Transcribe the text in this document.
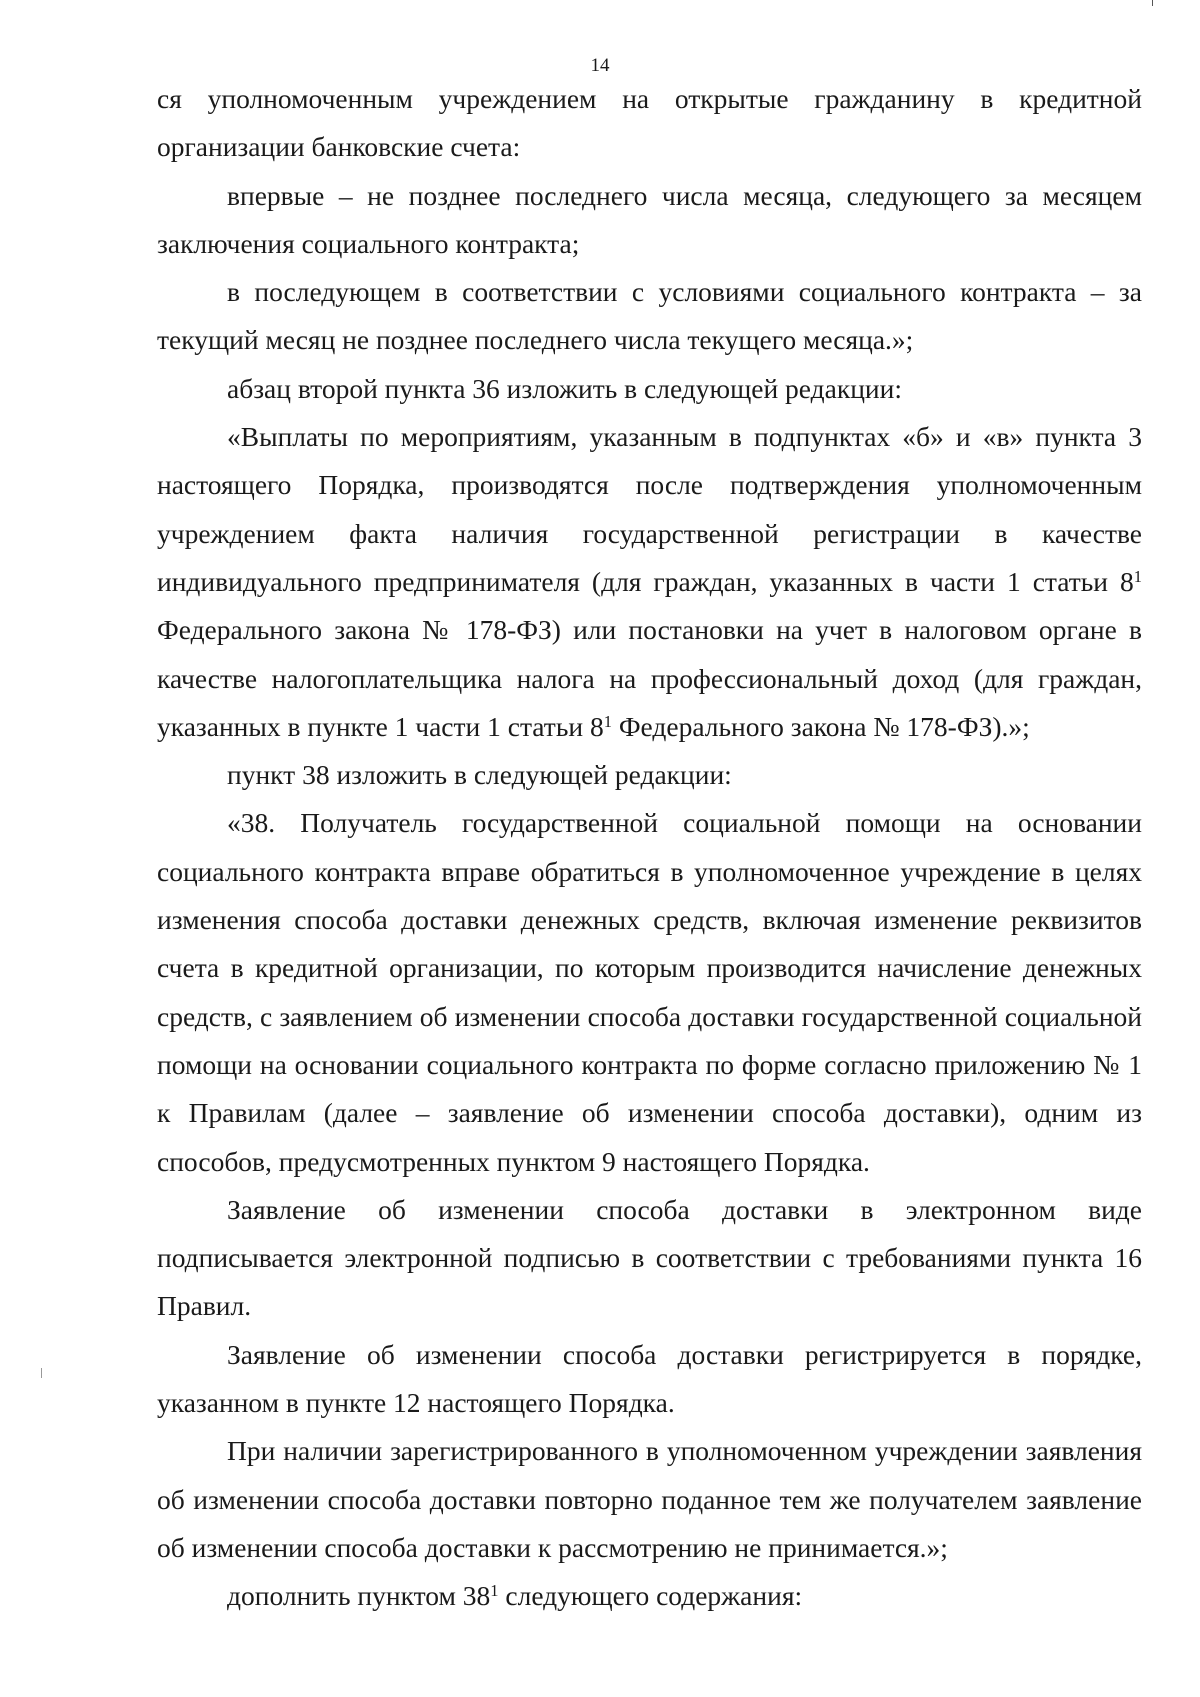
14

ся уполномоченным учреждением на открытые гражданину в кредитной организации банковские счета:

впервые – не позднее последнего числа месяца, следующего за месяцем заключения социального контракта;

в последующем в соответствии с условиями социального контракта – за текущий месяц не позднее последнего числа текущего месяца.»;

абзац второй пункта 36 изложить в следующей редакции:

«Выплаты по мероприятиям, указанным в подпунктах «б» и «в» пункта 3 настоящего Порядка, производятся после подтверждения уполномоченным учреждением факта наличия государственной регистрации в качестве индивидуального предпринимателя (для граждан, указанных в части 1 статьи $8^1$ Федерального закона № 178-ФЗ) или постановки на учет в налоговом органе в качестве налогоплательщика налога на профессиональный доход (для граждан, указанных в пункте 1 части 1 статьи $8^1$ Федерального закона № 178-ФЗ).»;

пункт 38 изложить в следующей редакции:

«38. Получатель государственной социальной помощи на основании социального контракта вправе обратиться в уполномоченное учреждение в целях изменения способа доставки денежных средств, включая изменение реквизитов счета в кредитной организации, по которым производится начисление денежных средств, с заявлением об изменении способа доставки государственной социальной помощи на основании социального контракта по форме согласно приложению № 1 к Правилам (далее – заявление об изменении способа доставки), одним из способов, предусмотренных пунктом 9 настоящего Порядка.

Заявление об изменении способа доставки в электронном виде подписывается электронной подписью в соответствии с требованиями пункта 16 Правил.

Заявление об изменении способа доставки регистрируется в порядке, указанном в пункте 12 настоящего Порядка.

При наличии зарегистрированного в уполномоченном учреждении заявления об изменении способа доставки повторно поданное тем же получателем заявление об изменении способа доставки к рассмотрению не принимается.»;

дополнить пунктом $38^1$ следующего содержания:
